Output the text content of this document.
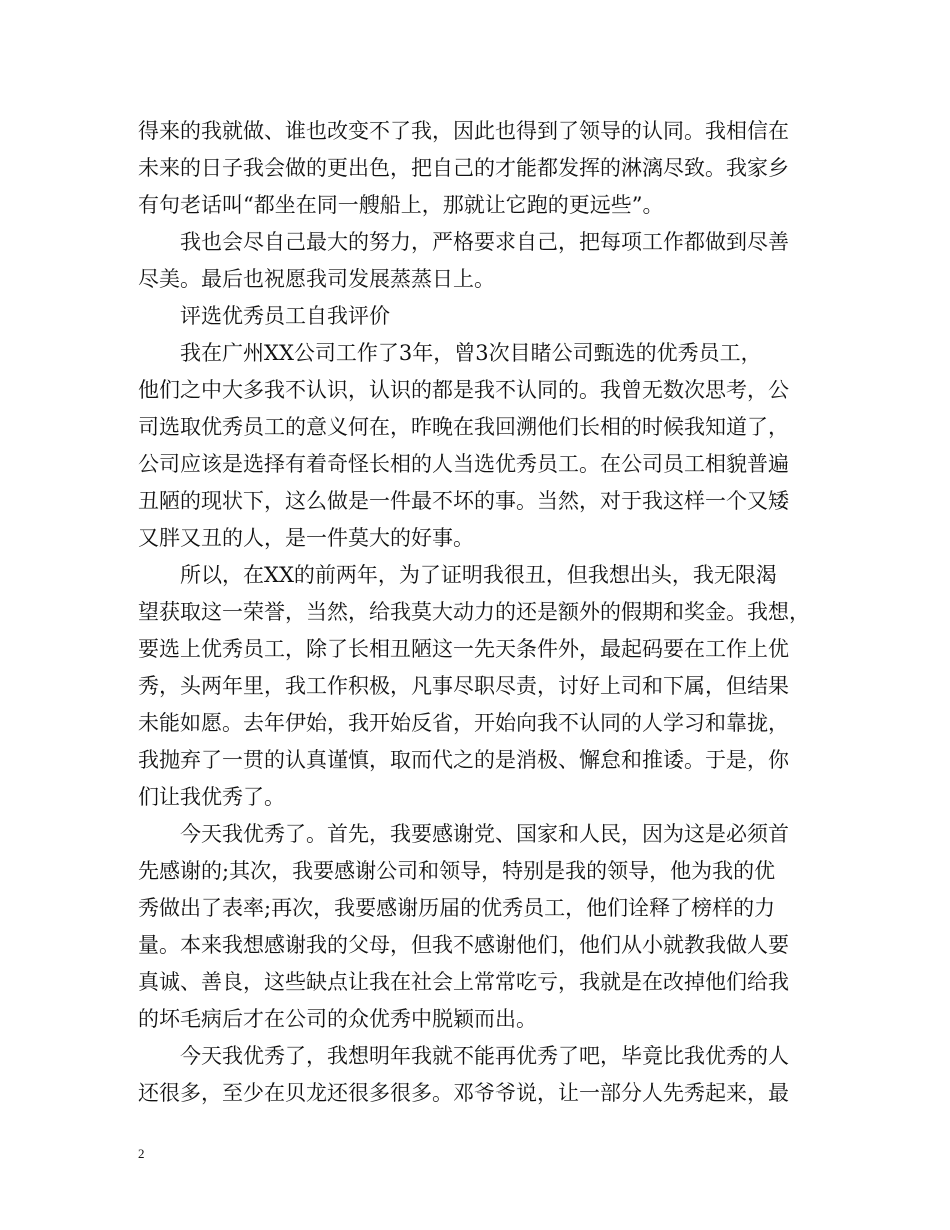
得来的我就做、谁也改变不了我，因此也得到了领导的认同。我相信在
未来的日子我会做的更出色，把自己的才能都发挥的淋漓尽致。我家乡
有句老话叫“都坐在同一艘船上，那就让它跑的更远些”。
我也会尽自己最大的努力，严格要求自己，把每项工作都做到尽善
尽美。最后也祝愿我司发展蒸蒸日上。
评选优秀员工自我评价
我在广州XX公司工作了3年，曾3次目睹公司甄选的优秀员工，
他们之中大多我不认识，认识的都是我不认同的。我曾无数次思考，公
司选取优秀员工的意义何在，昨晚在我回溯他们长相的时候我知道了，
公司应该是选择有着奇怪长相的人当选优秀员工。在公司员工相貌普遍
丑陋的现状下，这么做是一件最不坏的事。当然，对于我这样一个又矮
又胖又丑的人，是一件莫大的好事。
所以，在XX的前两年，为了证明我很丑，但我想出头，我无限渴
望获取这一荣誉，当然，给我莫大动力的还是额外的假期和奖金。我想，
要选上优秀员工，除了长相丑陋这一先天条件外，最起码要在工作上优
秀，头两年里，我工作积极，凡事尽职尽责，讨好上司和下属，但结果
未能如愿。去年伊始，我开始反省，开始向我不认同的人学习和靠拢，
我抛弃了一贯的认真谨慎，取而代之的是消极、懈怠和推诿。于是，你
们让我优秀了。
今天我优秀了。首先，我要感谢党、国家和人民，因为这是必须首
先感谢的;其次，我要感谢公司和领导，特别是我的领导，他为我的优
秀做出了表率;再次，我要感谢历届的优秀员工，他们诠释了榜样的力
量。本来我想感谢我的父母，但我不感谢他们，他们从小就教我做人要
真诚、善良，这些缺点让我在社会上常常吃亏，我就是在改掉他们给我
的坏毛病后才在公司的众优秀中脱颖而出。
今天我优秀了，我想明年我就不能再优秀了吧，毕竟比我优秀的人
还很多，至少在贝龙还很多很多。邓爷爷说，让一部分人先秀起来，最
2
